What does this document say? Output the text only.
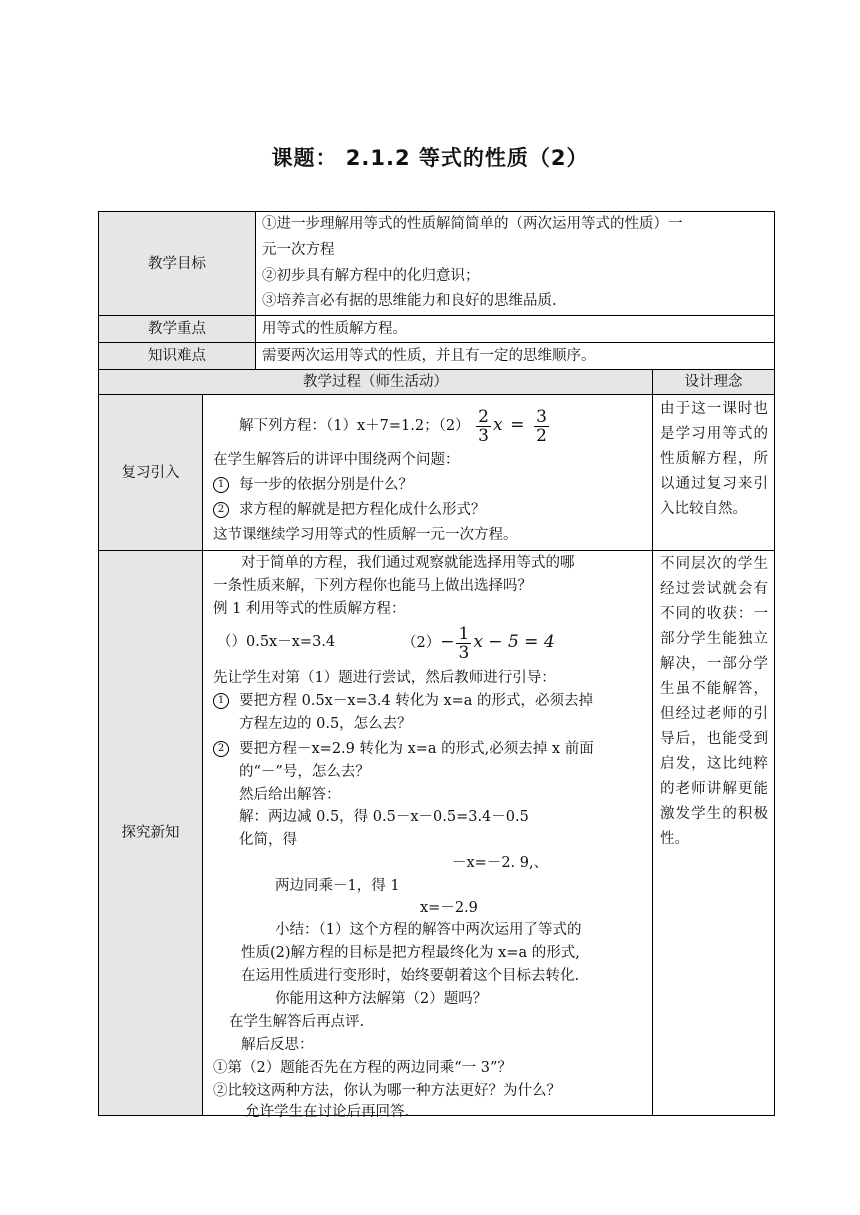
课题： 2.1.2 等式的性质（2）
教学目标
教学重点
知识难点
教学过程（师生活动）	设计理念
复习引入
探究新知
①进一步理解用等式的性质解简简单的（两次运用等式的性质）一
元一次方程
②初步具有解方程中的化归意识；
③培养言必有据的思维能力和良好的思维品质.
用等式的性质解方程。
需要两次运用等式的性质，并且有一定的思维顺序。
解下列方程：（1）x＋7=1.2；$(2) \frac{2}{3}$ $x = \frac{3}{2}$
在学生解答后的讲评中围绕两个问题：
1 每一步的依据分别是什么？
2 求方程的解就是把方程化成什么形式？
这节课继续学习用等式的性质解一元一次方程。
由于这一课时也是学习用等式的性质解方程，所以通过复习来引入比较自然。
对于简单的方程，我们通过观察就能选择用等式的哪
一条性质来解，下列方程你也能马上做出选择吗？
例 1 利用等式的性质解方程：
（）0.5x－x=3.4	$(2)- \frac{1}{3}$ x − 5 = 4
先让学生对第（1）题进行尝试，然后教师进行引导：
1 要把方程 0.5x－x=3.4 转化为 x=a 的形式，必须去掉
方程左边的 0.5，怎么去？
2 要把方程－x=2.9 转化为 x=a 的形式,必须去掉 x 前面
的“－”号，怎么去？
然后给出解答：
解：两边减 0.5，得 0.5－x－0.5=3.4－0.5
化简，得
－x=－2. 9,、
两边同乘－1，得 1
x=－2.9
小结：（1）这个方程的解答中两次运用了等式的
性质(2)解方程的目标是把方程最终化为 x=a 的形式,
在运用性质进行变形时，始终要朝着这个目标去转化.
你能用这种方法解第（2）题吗？
在学生解答后再点评.
解后反思：
①第（2）题能否先在方程的两边同乘“一 3”？
②比较这两种方法，你认为哪一种方法更好？为什么？
允许学生在讨论后再回答.
不同层次的学生经过尝试就会有不同的收获：一部分学生能独立解决，一部分学生虽不能解答，但经过老师的引导后，也能受到启发，这比纯粹的老师讲解更能激发学生的积极性。
